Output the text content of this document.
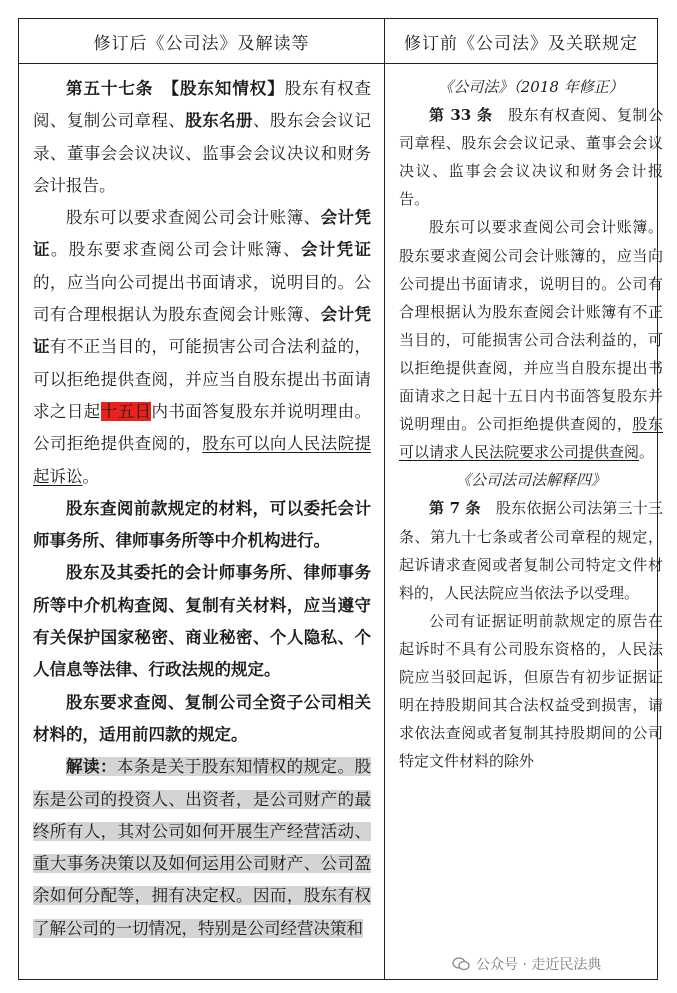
修订后《公司法》及解读等	修订前《公司法》及关联规定

第五十七条　 【股东知情权】股东有权查阅、复制公司章程、股东名册、股东会会议记录、董事会会议决议、监事会会议决议和财务会计报告。

股东可以要求查阅公司会计账簿、会计凭证。股东要求查阅公司会计账簿、会计凭证的，应当向公司提出书面请求，说明目的。公司有合理根据认为股东查阅会计账簿、会计凭证有不正当目的，可能损害公司合法利益的，可以拒绝提供查阅，并应当自股东提出书面请求之日起十五日内书面答复股东并说明理由。公司拒绝提供查阅的，股东可以向人民法院提起诉讼。

股东查阅前款规定的材料，可以委托会计师事务所、律师事务所等中介机构进行。

股东及其委托的会计师事务所、律师事务所等中介机构查阅、复制有关材料，应当遵守有关保护国家秘密、商业秘密、个人隐私、个人信息等法律、行政法规的规定。

股东要求查阅、复制公司全资子公司相关材料的，适用前四款的规定。

解读：本条是关于股东知情权的规定。股东是公司的投资人、出资者，是公司财产的最终所有人，其对公司如何开展生产经营活动、重大事务决策以及如何运用公司财产、公司盈余如何分配等，拥有决定权。因而，股东有权了解公司的一切情况，特别是公司经营决策和

《公司法》（2018 年修正）

第 33 条　 股东有权查阅、复制公司章程、股东会会议记录、董事会会议决议、监事会会议决议和财务会计报告。

股东可以要求查阅公司会计账簿。股东要求查阅公司会计账簿的，应当向公司提出书面请求，说明目的。公司有合理根据认为股东查阅会计账簿有不正当目的，可能损害公司合法利益的，可以拒绝提供查阅，并应当自股东提出书面请求之日起十五日内书面答复股东并说明理由。公司拒绝提供查阅的，股东可以请求人民法院要求公司提供查阅。

《公司法司法解释四》

第 7 条　 股东依据公司法第三十三条、第九十七条或者公司章程的规定，起诉请求查阅或者复制公司特定文件材料的，人民法院应当依法予以受理。

公司有证据证明前款规定的原告在起诉时不具有公司股东资格的，人民法院应当驳回起诉，但原告有初步证据证明在持股期间其合法权益受到损害，请求依法查阅或者复制其持股期间的公司特定文件材料的除外

公众号 · 走近民法典
